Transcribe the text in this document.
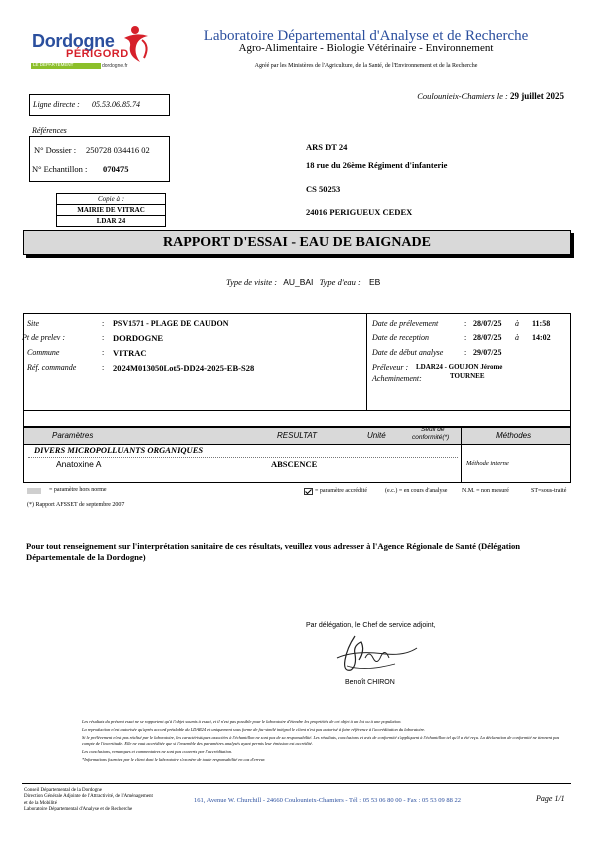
Dordogne
PÉRIGORD
LE DÉPARTEMENT	dordogne.fr
Laboratoire Départemental d'Analyse et de Recherche
Agro-Alimentaire - Biologie Vétérinaire - Environnement
Agréé par les Ministères de l'Agriculture, de la Santé, de l'Environnement et de la Recherche
Coulounieix-Chamiers le : 29 juillet 2025
Ligne directe : 05.53.06.85.74
Références
N° Dossier : 250728 034416 02
N° Echantillon : 070475
Copie à :
MAIRIE DE VITRAC
LDAR 24
ARS DT 24
18 rue du 26ème Régiment d'infanterie
CS 50253
24016 PERIGUEUX CEDEX
RAPPORT D'ESSAI - EAU DE BAIGNADE
Type de visite : AU_BAI Type d'eau : EB
Site	: PSV1571 - PLAGE DE CAUDON
Pt de prelev :	: DORDOGNE
Commune	: VITRAC
Réf. commande	: 2024M013050Lot5-DD24-2025-EB-S28
Date de prélevement	: 28/07/25 à 11:58
Date de reception	: 28/07/25 à 14:02
Date de début analyse	: 29/07/25
Préleveur : LDAR24 - GOUJON Jérome
Acheminement:	TOURNEE
Paramètres	RESULTAT	Unité
Seuil de
conformité(*)	Méthodes
DIVERS MICROPOLLUANTS ORGANIQUES
Anatoxine A	ABSCENCE	Méthode interne
= paramètre hors norme	= paramètre accrédité	(e.c.) = en cours d'analyse N.M. = non mesuré	ST=sous-traité
(*) Rapport AFSSET de septembre 2007
Pour tout renseignement sur l'interprétation sanitaire de ces résultats, veuillez vous adresser à l'Agence Régionale de Santé (Délégation Départementale de la Dordogne)
Par délégation, le Chef de service adjoint,
Benoît CHIRON
Les résultats du présent essai ne se rapportent qu'à l'objet soumis à essai, et il n'est pas possible pour le laboratoire d'étendre les propriétés de cet objet à un lot ou à une population.
La reproduction n'est autorisée qu'après accord préalable du LDAR24 et uniquement sous forme de fac-similé intégral le client n'est pas autorisé à faire référence à l'accréditation du laboratoire.
Si le prélèvement n'est pas réalisé par le laboratoire, les caractéristiques associées à l'échantillon ne sont pas de sa responsabilité. Les résultats, conclusions et avis de conformité s'appliquent à l'échantillon tel qu'il a été reçu. La déclaration de conformité ne tiennent pas compte de l'incertitude. Elle ne vaut accréditée que si l'ensemble des paramètres analysés ayant permis leur émission est accrédité.
Les conclusions, remarques et commentaires ne sont pas couverts par l'accréditation.
*Informations fournies par le client dont le laboratoire s'exonère de toute responsabilité en cas d'erreur.
Conseil Départemental de la Dordogne
Direction Générale Adjointe de l'Attractivité, de l'Aménagement
et de la Mobilité
Laboratoire Départemental d'Analyse et de Recherche
161, Avenue W. Churchill - 24660 Coulounieix-Chamiers - Tél : 05 53 06 80 00 - Fax : 05 53 09 88 22	Page 1/1
